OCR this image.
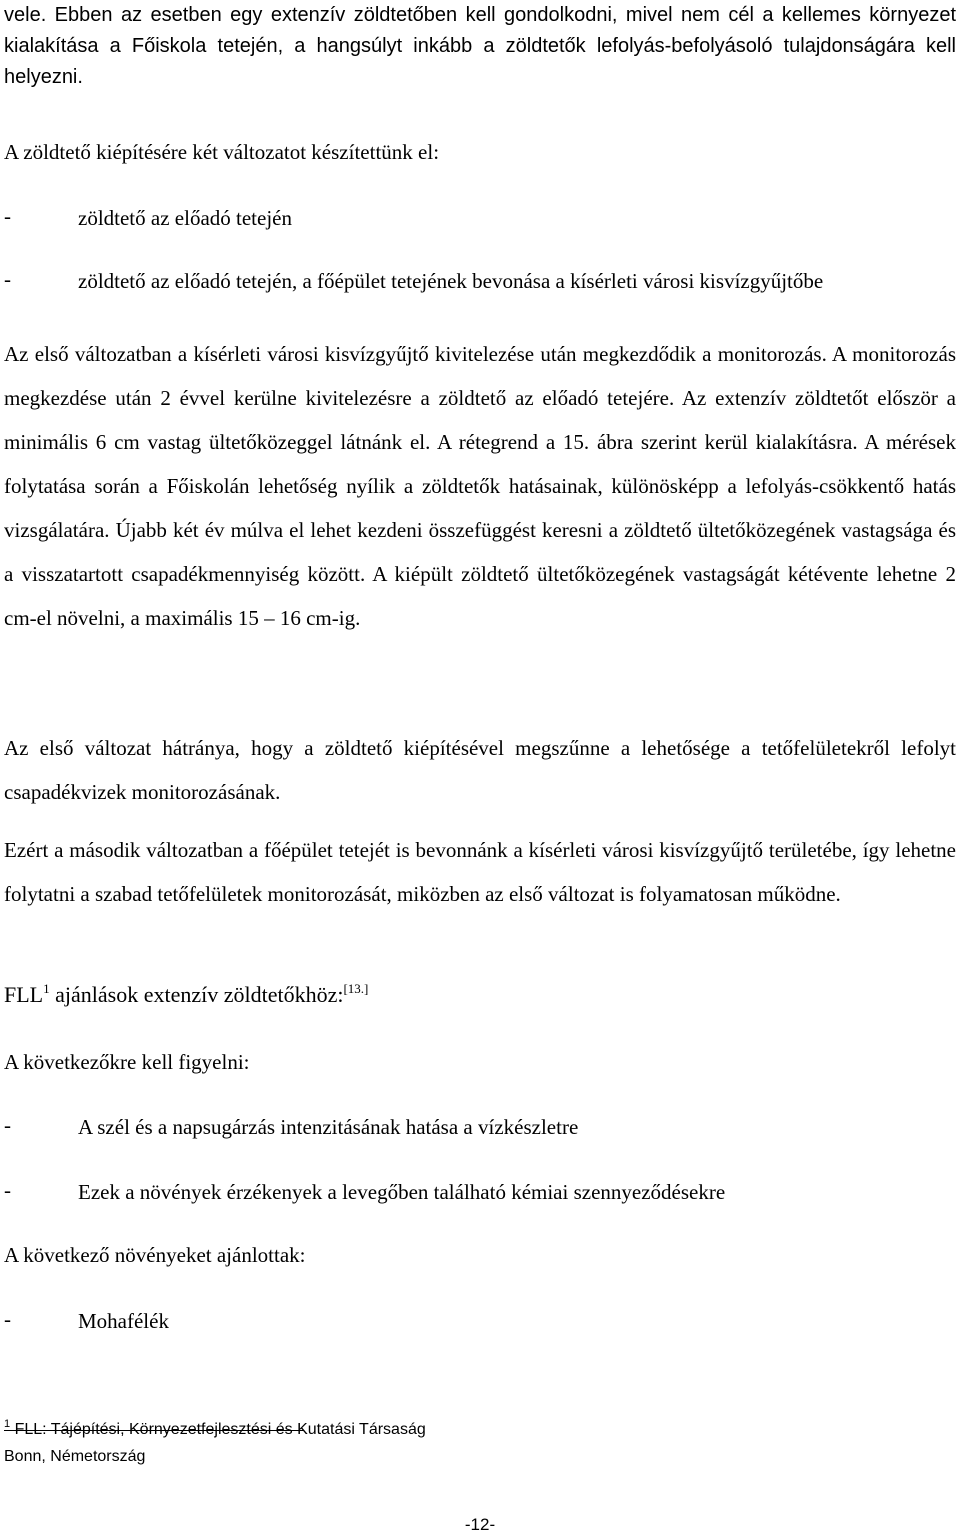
vele. Ebben az esetben egy extenzív zöldtetőben kell gondolkodni, mivel nem cél a kellemes környezet kialakítása a Főiskola tetején, a hangsúlyt inkább a zöldtetők lefolyás-befolyásoló tulajdonságára kell helyezni.

A zöldtető kiépítésére két változatot készítettünk el:

-	zöldtető az előadó tetején

-	zöldtető az előadó tetején, a főépület tetejének bevonása a kísérleti városi kisvízgyűjtőbe

Az első változatban a kísérleti városi kisvízgyűjtő kivitelezése után megkezdődik a monitorozás. A monitorozás megkezdése után 2 évvel kerülne kivitelezésre a zöldtető az előadó tetejére. Az extenzív zöldtetőt először a minimális 6 cm vastag ültetőközeggel látnánk el. A rétegrend a 15. ábra szerint kerül kialakításra. A mérések folytatása során a Főiskolán lehetőség nyílik a zöldtetők hatásainak, különösképp a lefolyás-csökkentő hatás vizsgálatára. Újabb két év múlva el lehet kezdeni összefüggést keresni a zöldtető ültetőközegének vastagsága és a visszatartott csapadékmennyiség között. A kiépült zöldtető ültetőközegének vastagságát kétévente lehetne 2 cm-el növelni, a maximális 15 – 16 cm-ig.

Az első változat hátránya, hogy a zöldtető kiépítésével megszűnne a lehetősége a tetőfelületekről lefolyt csapadékvizek monitorozásának.

Ezért a második változatban a főépület tetejét is bevonnánk a kísérleti városi kisvízgyűjtő területébe, így lehetne folytatni a szabad tetőfelületek monitorozását, miközben az első változat is folyamatosan működne.

FLL$^1$ ajánlások extenzív zöldtetőkhöz:[13.]

A következőkre kell figyelni:

-	A szél és a napsugárzás intenzitásának hatása a vízkészletre

-	Ezek a növények érzékenyek a levegőben található kémiai szennyeződésekre

A következő növényeket ajánlottak:

-	Mohafélék

$^1$ FLL: Tájépítési, Környezetfejlesztési és Kutatási Társaság

Bonn, Németország

-12-
